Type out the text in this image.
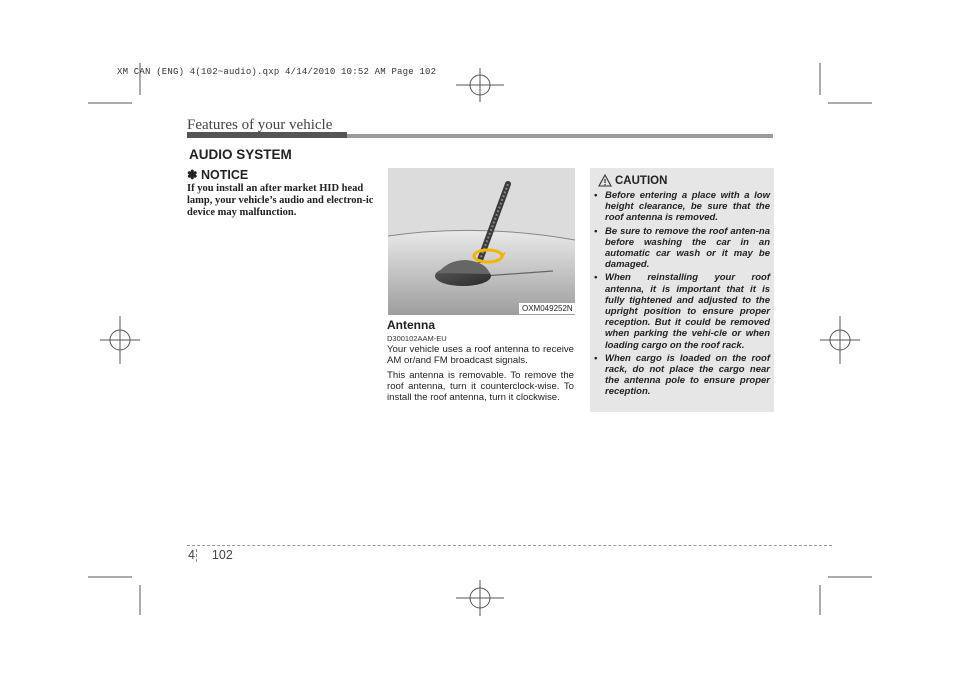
XM CAN (ENG) 4(102~audio).qxp 4/14/2010 10:52 AM Page 102
Features of your vehicle
AUDIO SYSTEM
✽ NOTICE
If you install an after market HID head lamp, your vehicle’s audio and electron-ic device may malfunction.
OXM049252N
Antenna
D300102AAM-EU

Your vehicle uses a roof antenna to receive AM or/and FM broadcast signals.

This antenna is removable. To remove the roof antenna, turn it counterclock-wise. To install the roof antenna, turn it clockwise.

CAUTION
• Before entering a place with a low height clearance, be sure that the roof antenna is removed.
• Be sure to remove the roof anten-na before washing the car in an automatic car wash or it may be damaged.
• When reinstalling your roof antenna, it is important that it is fully tightened and adjusted to the upright position to ensure proper reception. But it could be removed when parking the vehi-cle or when loading cargo on the roof rack.
• When cargo is loaded on the roof rack, do not place the cargo near the antenna pole to ensure proper reception.
4 102
